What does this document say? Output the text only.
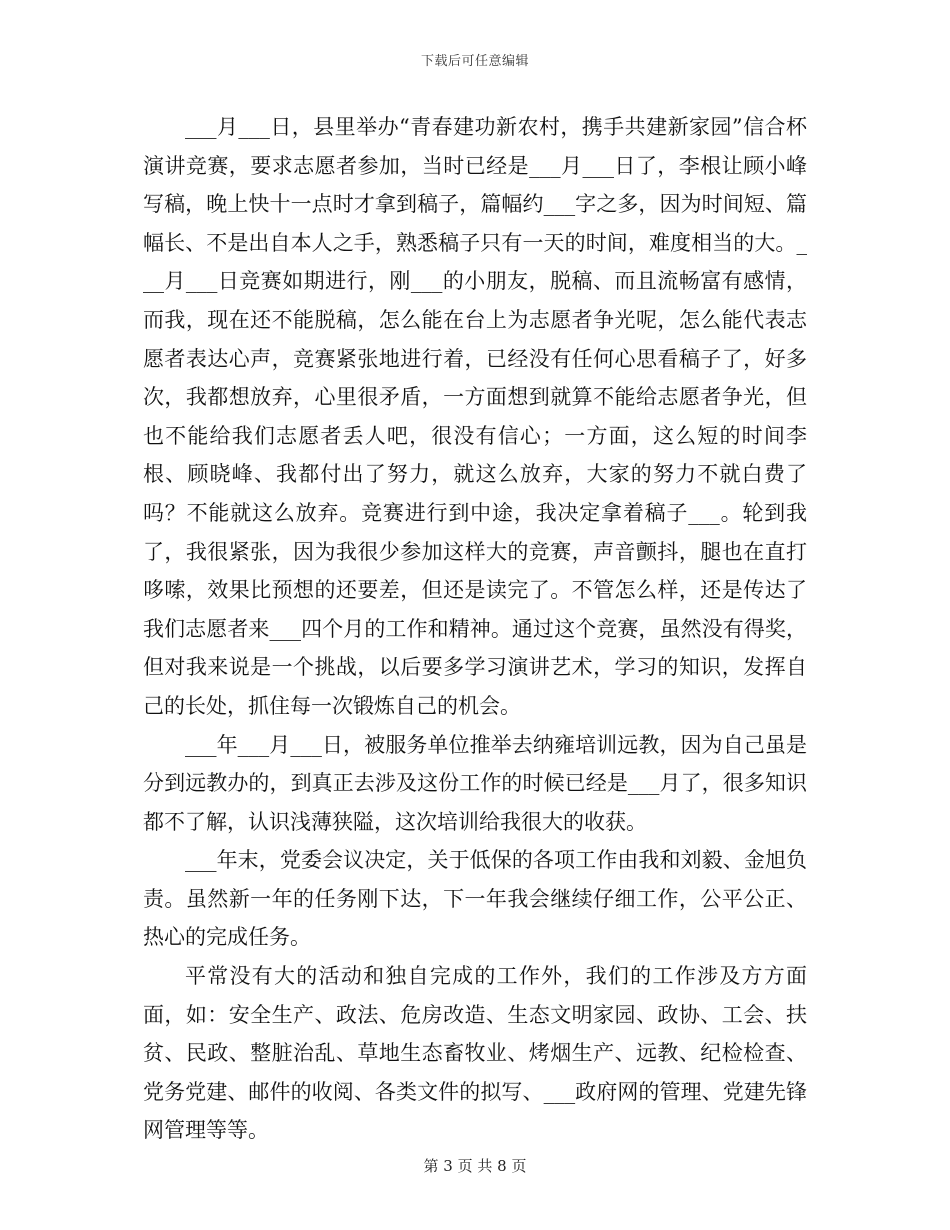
下载后可任意编辑

___月___日，县里举办“青春建功新农村，携手共建新家园”信合杯演讲竞赛，要求志愿者参加，当时已经是___月___日了，李根让顾小峰写稿，晚上快十一点时才拿到稿子，篇幅约___字之多，因为时间短、篇幅长、不是出自本人之手，熟悉稿子只有一天的时间，难度相当的大。___月___日竞赛如期进行，刚___的小朋友，脱稿、而且流畅富有感情，而我，现在还不能脱稿，怎么能在台上为志愿者争光呢，怎么能代表志愿者表达心声，竞赛紧张地进行着，已经没有任何心思看稿子了，好多次，我都想放弃，心里很矛盾，一方面想到就算不能给志愿者争光，但也不能给我们志愿者丢人吧，很没有信心；一方面，这么短的时间李根、顾晓峰、我都付出了努力，就这么放弃，大家的努力不就白费了吗？不能就这么放弃。竞赛进行到中途，我决定拿着稿子___。轮到我了，我很紧张，因为我很少参加这样大的竞赛，声音颤抖，腿也在直打哆嗦，效果比预想的还要差，但还是读完了。不管怎么样，还是传达了我们志愿者来___四个月的工作和精神。通过这个竞赛，虽然没有得奖，但对我来说是一个挑战，以后要多学习演讲艺术，学习的知识，发挥自己的长处，抓住每一次锻炼自己的机会。

___年___月___日，被服务单位推举去纳雍培训远教，因为自己虽是分到远教办的，到真正去涉及这份工作的时候已经是___月了，很多知识都不了解，认识浅薄狭隘，这次培训给我很大的收获。

___年末，党委会议决定，关于低保的各项工作由我和刘毅、金旭负责。虽然新一年的任务刚下达，下一年我会继续仔细工作，公平公正、热心的完成任务。

平常没有大的活动和独自完成的工作外，我们的工作涉及方方面面，如：安全生产、政法、危房改造、生态文明家园、政协、工会、扶贫、民政、整脏治乱、草地生态畜牧业、烤烟生产、远教、纪检检查、党务党建、邮件的收阅、各类文件的拟写、___政府网的管理、党建先锋网管理等等。

第 3 页 共 8 页
